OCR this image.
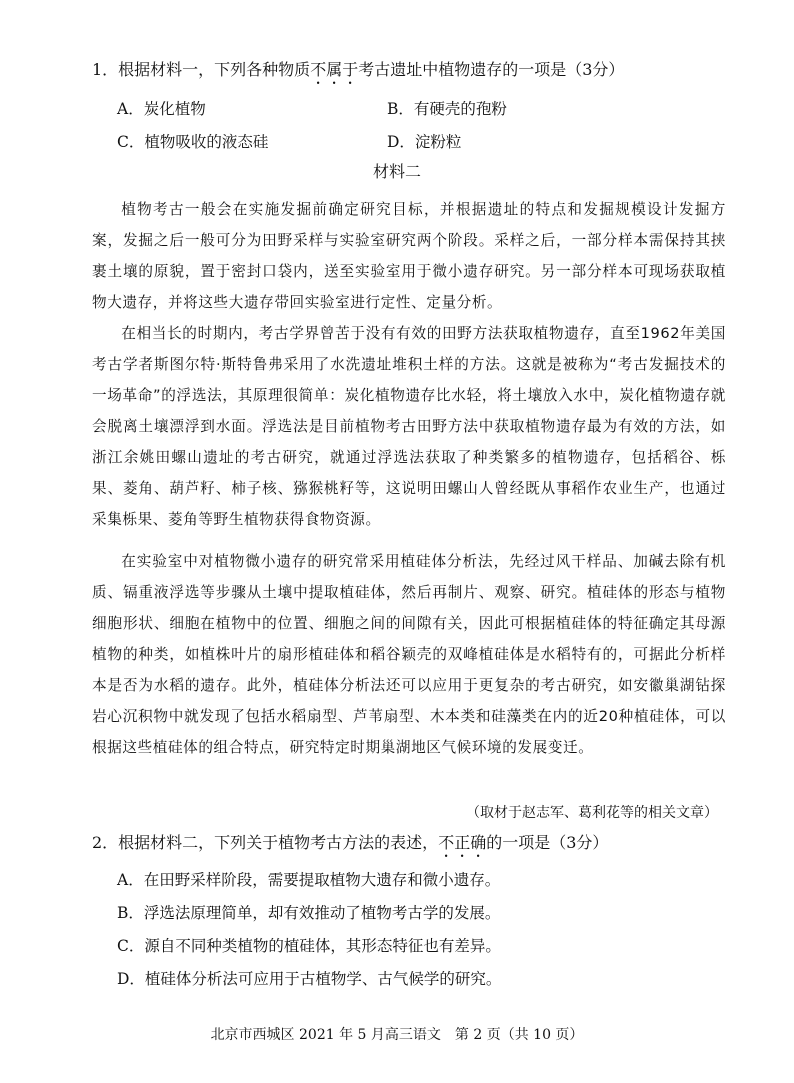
1．根据材料一，下列各种物质不属于考古遗址中植物遗存的一项是（3分）
A．炭化植物	B．有硬壳的孢粉
C．植物吸收的液态硅	D．淀粉粒
材料二

植物考古一般会在实施发掘前确定研究目标，并根据遗址的特点和发掘规模设计发掘方案，发掘之后一般可分为田野采样与实验室研究两个阶段。采样之后，一部分样本需保持其挟裹土壤的原貌，置于密封口袋内，送至实验室用于微小遗存研究。另一部分样本可现场获取植物大遗存，并将这些大遗存带回实验室进行定性、定量分析。

在相当长的时期内，考古学界曾苦于没有有效的田野方法获取植物遗存，直至1962年美国考古学者斯图尔特·斯特鲁弗采用了水洗遗址堆积土样的方法。这就是被称为“考古发掘技术的一场革命”的浮选法，其原理很简单：炭化植物遗存比水轻，将土壤放入水中，炭化植物遗存就会脱离土壤漂浮到水面。浮选法是目前植物考古田野方法中获取植物遗存最为有效的方法，如浙江余姚田螺山遗址的考古研究，就通过浮选法获取了种类繁多的植物遗存，包括稻谷、栎果、菱角、葫芦籽、柿子核、猕猴桃籽等，这说明田螺山人曾经既从事稻作农业生产，也通过采集栎果、菱角等野生植物获得食物资源。

在实验室中对植物微小遗存的研究常采用植硅体分析法，先经过风干样品、加碱去除有机质、镉重液浮选等步骤从土壤中提取植硅体，然后再制片、观察、研究。植硅体的形态与植物细胞形状、细胞在植物中的位置、细胞之间的间隙有关，因此可根据植硅体的特征确定其母源植物的种类，如植株叶片的扇形植硅体和稻谷颖壳的双峰植硅体是水稻特有的，可据此分析样本是否为水稻的遗存。此外，植硅体分析法还可以应用于更复杂的考古研究，如安徽巢湖钻探岩心沉积物中就发现了包括水稻扇型、芦苇扇型、木本类和硅藻类在内的近20种植硅体，可以根据这些植硅体的组合特点，研究特定时期巢湖地区气候环境的发展变迁。

（取材于赵志军、葛利花等的相关文章）
2．根据材料二，下列关于植物考古方法的表述，不正确的一项是（3分）
A．在田野采样阶段，需要提取植物大遗存和微小遗存。
B．浮选法原理简单，却有效推动了植物考古学的发展。
C．源自不同种类植物的植硅体，其形态特征也有差异。
D．植硅体分析法可应用于古植物学、古气候学的研究。
北京市西城区 2021 年 5 月高三语文　第 2 页（共 10 页）
